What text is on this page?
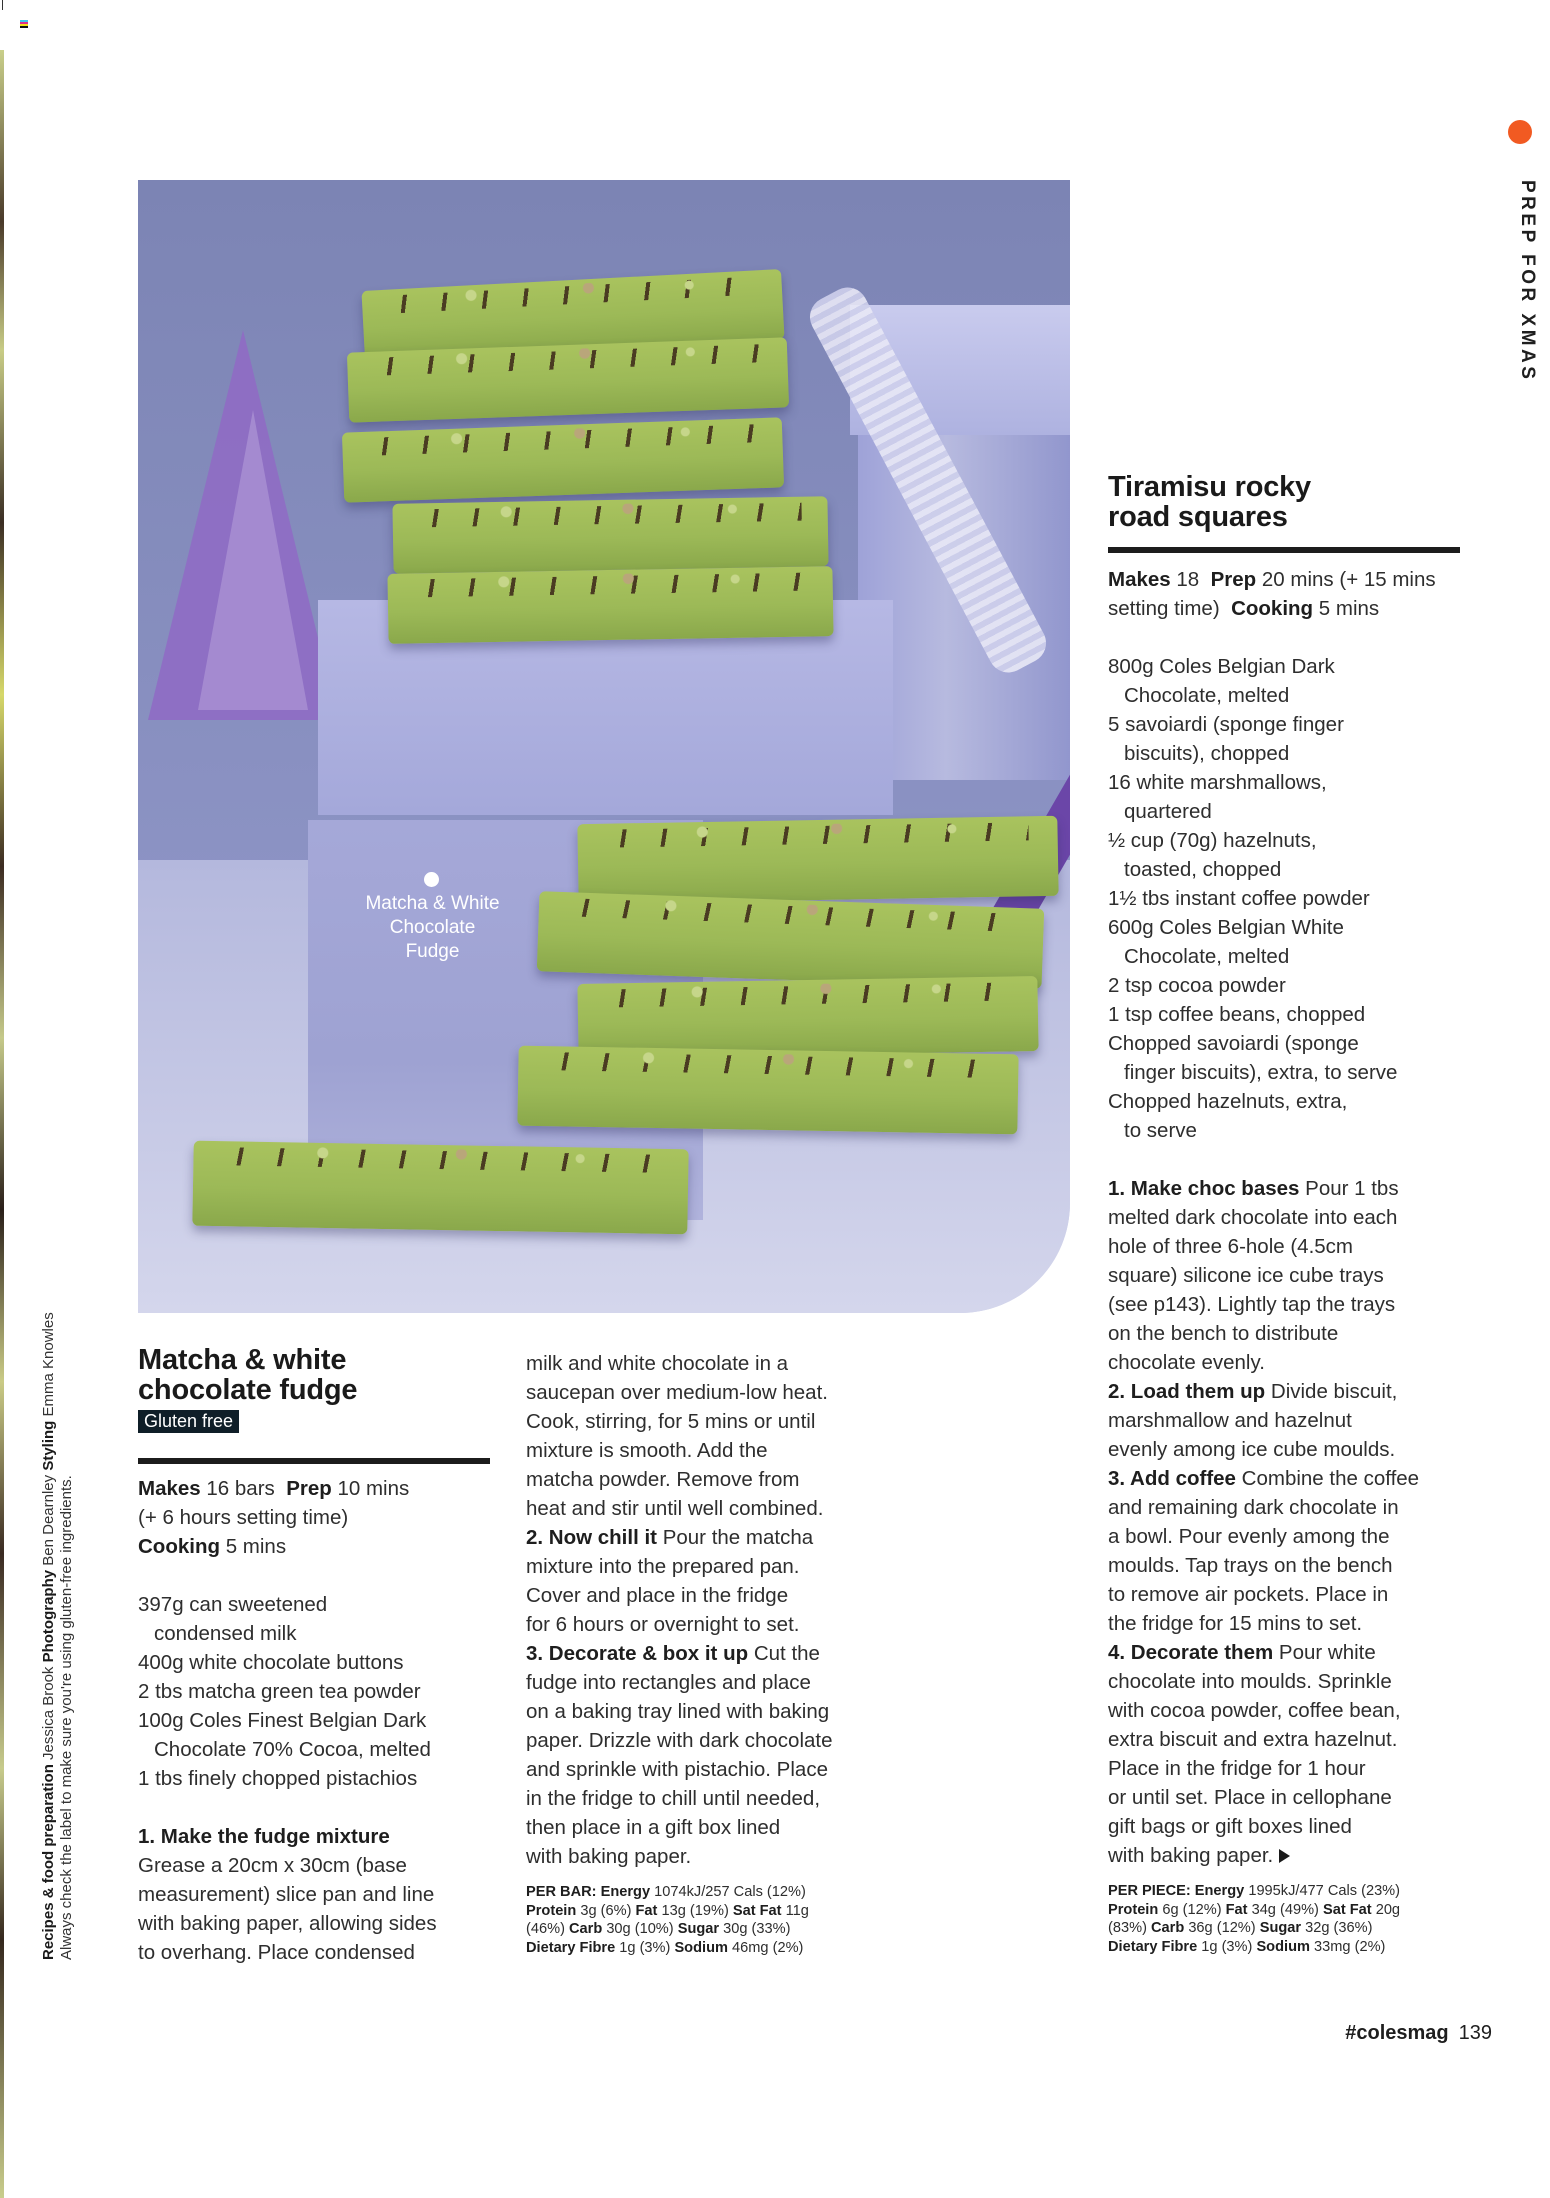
PREP FOR XMAS
Matcha & White
Chocolate
Fudge
Matcha & white
chocolate fudge
Gluten free
Makes 16 bars Prep 10 mins
(+ 6 hours setting time)
Cooking 5 mins
397g can sweetened
condensed milk
400g white chocolate buttons
2 tbs matcha green tea powder
100g Coles Finest Belgian Dark
Chocolate 70% Cocoa, melted
1 tbs finely chopped pistachios
1. Make the fudge mixture
Grease a 20cm x 30cm (base
measurement) slice pan and line
with baking paper, allowing sides
to overhang. Place condensed
milk and white chocolate in a
saucepan over medium-low heat.
Cook, stirring, for 5 mins or until
mixture is smooth. Add the
matcha powder. Remove from
heat and stir until well combined.
2. Now chill it Pour the matcha
mixture into the prepared pan.
Cover and place in the fridge
for 6 hours or overnight to set.
3. Decorate & box it up Cut the
fudge into rectangles and place
on a baking tray lined with baking
paper. Drizzle with dark chocolate
and sprinkle with pistachio. Place
in the fridge to chill until needed,
then place in a gift box lined
with baking paper.
PER BAR: Energy 1074kJ/257 Cals (12%)
Protein 3g (6%) Fat 13g (19%) Sat Fat 11g
(46%) Carb 30g (10%) Sugar 30g (33%)
Dietary Fibre 1g (3%) Sodium 46mg (2%)
Tiramisu rocky
road squares
Makes 18 Prep 20 mins (+ 15 mins
setting time) Cooking 5 mins
800g Coles Belgian Dark
Chocolate, melted
5 savoiardi (sponge finger
biscuits), chopped
16 white marshmallows,
quartered
½ cup (70g) hazelnuts,
toasted, chopped
1½ tbs instant coffee powder
600g Coles Belgian White
Chocolate, melted
2 tsp cocoa powder
1 tsp coffee beans, chopped
Chopped savoiardi (sponge
finger biscuits), extra, to serve
Chopped hazelnuts, extra,
to serve
1. Make choc bases Pour 1 tbs
melted dark chocolate into each
hole of three 6-hole (4.5cm
square) silicone ice cube trays
(see p143). Lightly tap the trays
on the bench to distribute
chocolate evenly.
2. Load them up Divide biscuit,
marshmallow and hazelnut
evenly among ice cube moulds.
3. Add coffee Combine the coffee
and remaining dark chocolate in
a bowl. Pour evenly among the
moulds. Tap trays on the bench
to remove air pockets. Place in
the fridge for 15 mins to set.
4. Decorate them Pour white
chocolate into moulds. Sprinkle
with cocoa powder, coffee bean,
extra biscuit and extra hazelnut.
Place in the fridge for 1 hour
or until set. Place in cellophane
gift bags or gift boxes lined
with baking paper.
PER PIECE: Energy 1995kJ/477 Cals (23%)
Protein 6g (12%) Fat 34g (49%) Sat Fat 20g
(83%) Carb 36g (12%) Sugar 32g (36%)
Dietary Fibre 1g (3%) Sodium 33mg (2%)
Recipes & food preparation Jessica Brook Photography Ben Dearnley Styling Emma Knowles
Always check the label to make sure you're using gluten-free ingredients.
#colesmag 139
